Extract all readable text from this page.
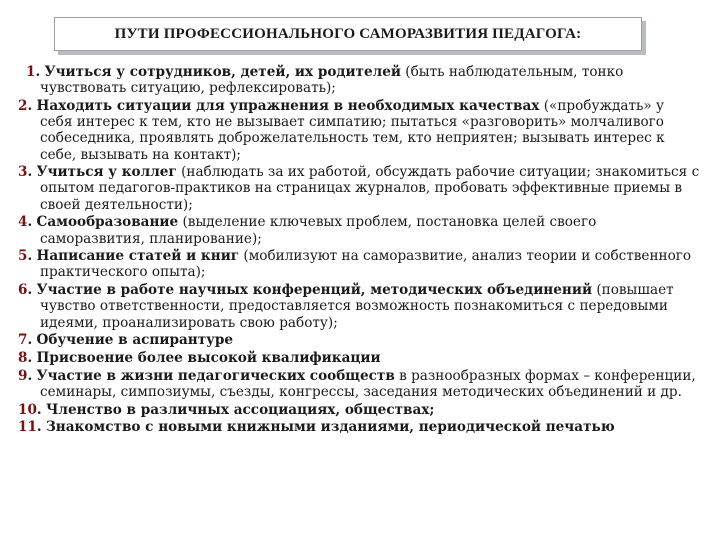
ПУТИ ПРОФЕССИОНАЛЬНОГО САМОРАЗВИТИЯ ПЕДАГОГА:
1. Учиться у сотрудников, детей, их родителей (быть наблюдательным, тонко чувствовать ситуацию, рефлексировать);
2. Находить ситуации для упражнения в необходимых качествах («пробуждать» у себя интерес к тем, кто не вызывает симпатию; пытаться «разговорить» молчаливого собеседника, проявлять доброжелательность тем, кто неприятен; вызывать интерес к себе, вызывать на контакт);
3. Учиться у коллег (наблюдать за их работой, обсуждать рабочие ситуации; знакомиться с опытом педагогов-практиков на страницах журналов, пробовать эффективные приемы в своей деятельности);
4. Самообразование (выделение ключевых проблем, постановка целей своего саморазвития, планирование);
5. Написание статей и книг (мобилизуют на саморазвитие, анализ теории и собственного практического опыта);
6. Участие в работе научных конференций, методических объединений (повышает чувство ответственности, предоставляется возможность познакомиться с передовыми идеями, проанализировать свою работу);
7. Обучение в аспирантуре
8. Присвоение более высокой квалификации
9. Участие в жизни педагогических сообществ в разнообразных формах – конференции, семинары, симпозиумы, съезды, конгрессы, заседания методических объединений и др.
10. Членство в различных ассоциациях, обществах;
11. Знакомство с новыми книжными изданиями, периодической печатью
